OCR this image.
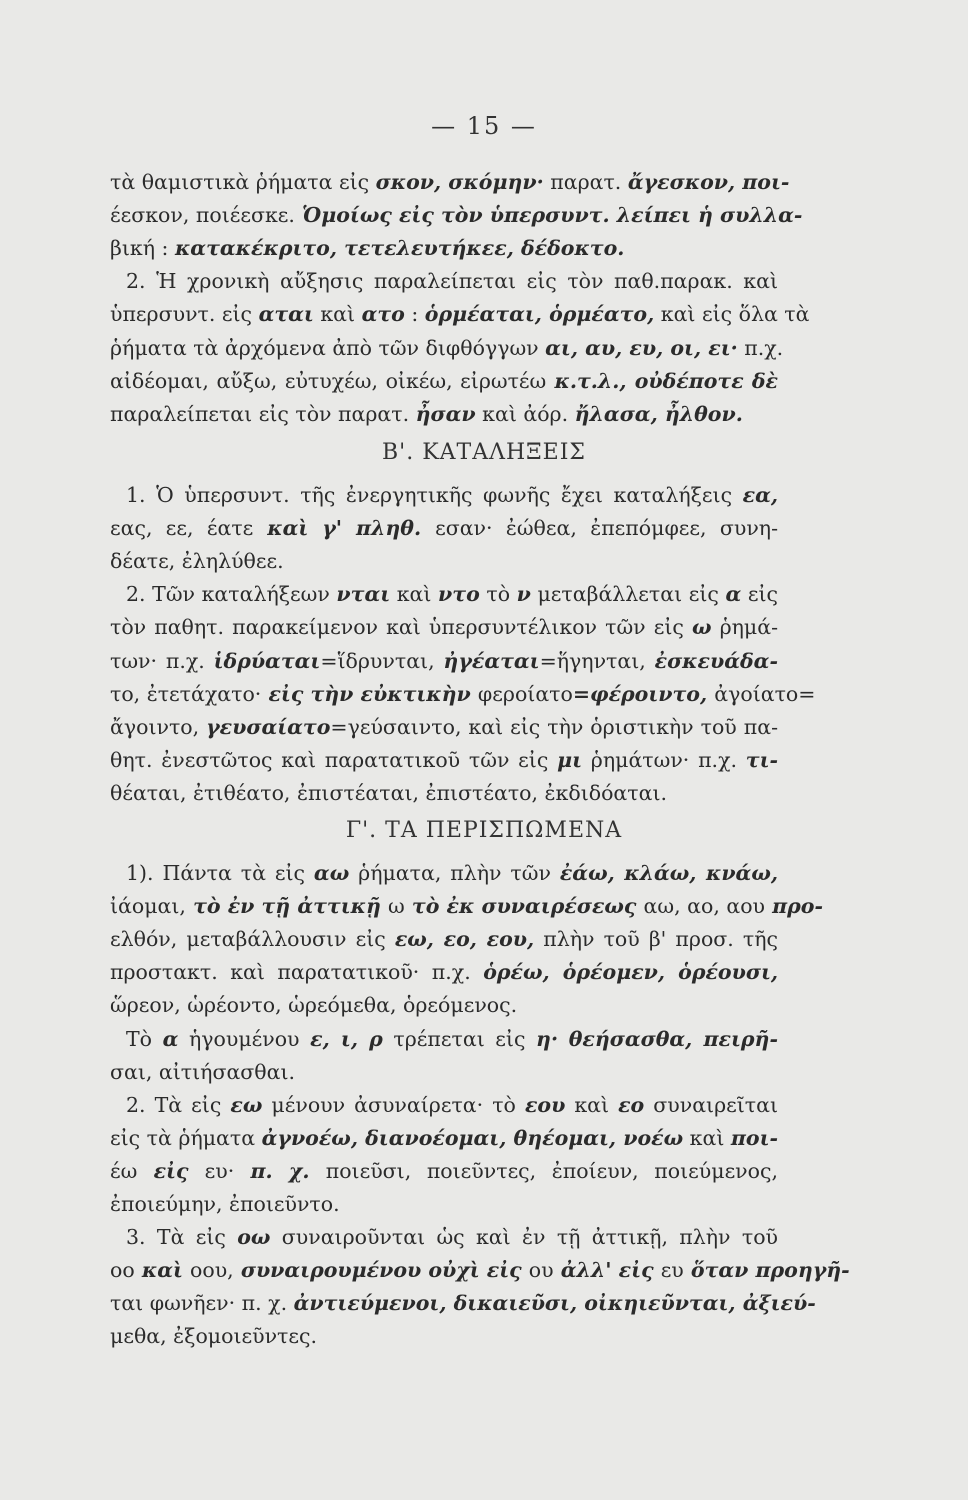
— 15 —
τὰ θαμιστικὰ ῥήματα εἰς σκον, σκόμην· παρατ. ἄγεσκον, ποι-
έεσκον, ποιέεσκε. Ὁμοίως εἰς τὸν ὑπερσυντ. λείπει ἡ συλλα-
βική : κατακέκριτο, τετελευτήκεε, δέδοκτο.
2. Ἡ χρονικὴ αὔξησις παραλείπεται εἰς τὸν παθ.παρακ. καὶ
ὑπερσυντ. εἰς αται καὶ ατο : ὁρμέαται, ὁρμέατο, καὶ εἰς ὅλα τὰ
ῥήματα τὰ ἀρχόμενα ἀπὸ τῶν διφθόγγων αι, αυ, ευ, οι, ει· π.χ.
αἰδέομαι, αὔξω, εὐτυχέω, οἰκέω, εἰρωτέω κ.τ.λ., οὐδέποτε δὲ
παραλείπεται εἰς τὸν παρατ. ἦσαν καὶ ἀόρ. ἤλασα, ἦλθον.
Β'. ΚΑΤΑΛΗΞΕΙΣ
1. Ὁ ὑπερσυντ. τῆς ἐνεργητικῆς φωνῆς ἔχει καταλήξεις εα,
εας, εε, έατε καὶ γ' πληθ. εσαν· ἐώθεα, ἐπεπόμφεε, συνη-
δέατε, ἐληλύθεε.
2. Τῶν καταλήξεων νται καὶ ντο τὸ ν μεταβάλλεται εἰς α εἰς
τὸν παθητ. παρακείμενον καὶ ὑπερσυντέλικον τῶν εἰς ω ῥημά-
των· π.χ. ἱδρύαται=ἵδρυνται, ἠγέαται=ἥγηνται, ἐσκευάδα-
το, ἐτετάχατο· εἰς τὴν εὐκτικὴν φεροίατο=φέροιντο, ἀγοίατο=
ἄγοιντο, γευσαίατο=γεύσαιντο, καὶ εἰς τὴν ὁριστικὴν τοῦ πα-
θητ. ἐνεστῶτος καὶ παρατατικοῦ τῶν εἰς μι ῥημάτων· π.χ. τι-
θέαται, ἐτιθέατο, ἐπιστέαται, ἐπιστέατο, ἐκδιδόαται.
Γ'. ΤΑ ΠΕΡΙΣΠΩΜΕΝΑ
1). Πάντα τὰ εἰς αω ῥήματα, πλὴν τῶν ἐάω, κλάω, κνάω,
ἰάομαι, τὸ ἐν τῇ ἀττικῇ ω τὸ ἐκ συναιρέσεως αω, αο, αου προ-
ελθόν, μεταβάλλουσιν εἰς εω, εο, εου, πλὴν τοῦ β' προσ. τῆς
προστακτ. καὶ παρατατικοῦ· π.χ. ὁρέω, ὁρέομεν, ὁρέουσι,
ὥρεον, ὡρέοντο, ὡρεόμεθα, ὁρεόμενος.
Τὸ α ἡγουμένου ε, ι, ρ τρέπεται εἰς η· θεήσασθα, πειρῆ-
σαι, αἰτιήσασθαι.
2. Τὰ εἰς εω μένουν ἀσυναίρετα· τὸ εου καὶ εο συναιρεῖται
εἰς τὰ ῥήματα ἀγνοέω, διανοέομαι, θηέομαι, νοέω καὶ ποι-
έω εἰς ευ· π. χ. ποιεῦσι, ποιεῦντες, ἐποίευν, ποιεύμενος,
ἐποιεύμην, ἐποιεῦντο.
3. Τὰ εἰς οω συναιροῦνται ὡς καὶ ἐν τῇ ἀττικῇ, πλὴν τοῦ
οο καὶ οου, συναιρουμένου οὐχὶ εἰς ου ἀλλ' εἰς ευ ὅταν προηγῆ-
ται φωνῆεν· π. χ. ἀντιεύμενοι, δικαιεῦσι, οἰκηιεῦνται, ἀξιεύ-
μεθα, ἐξομοιεῦντες.
